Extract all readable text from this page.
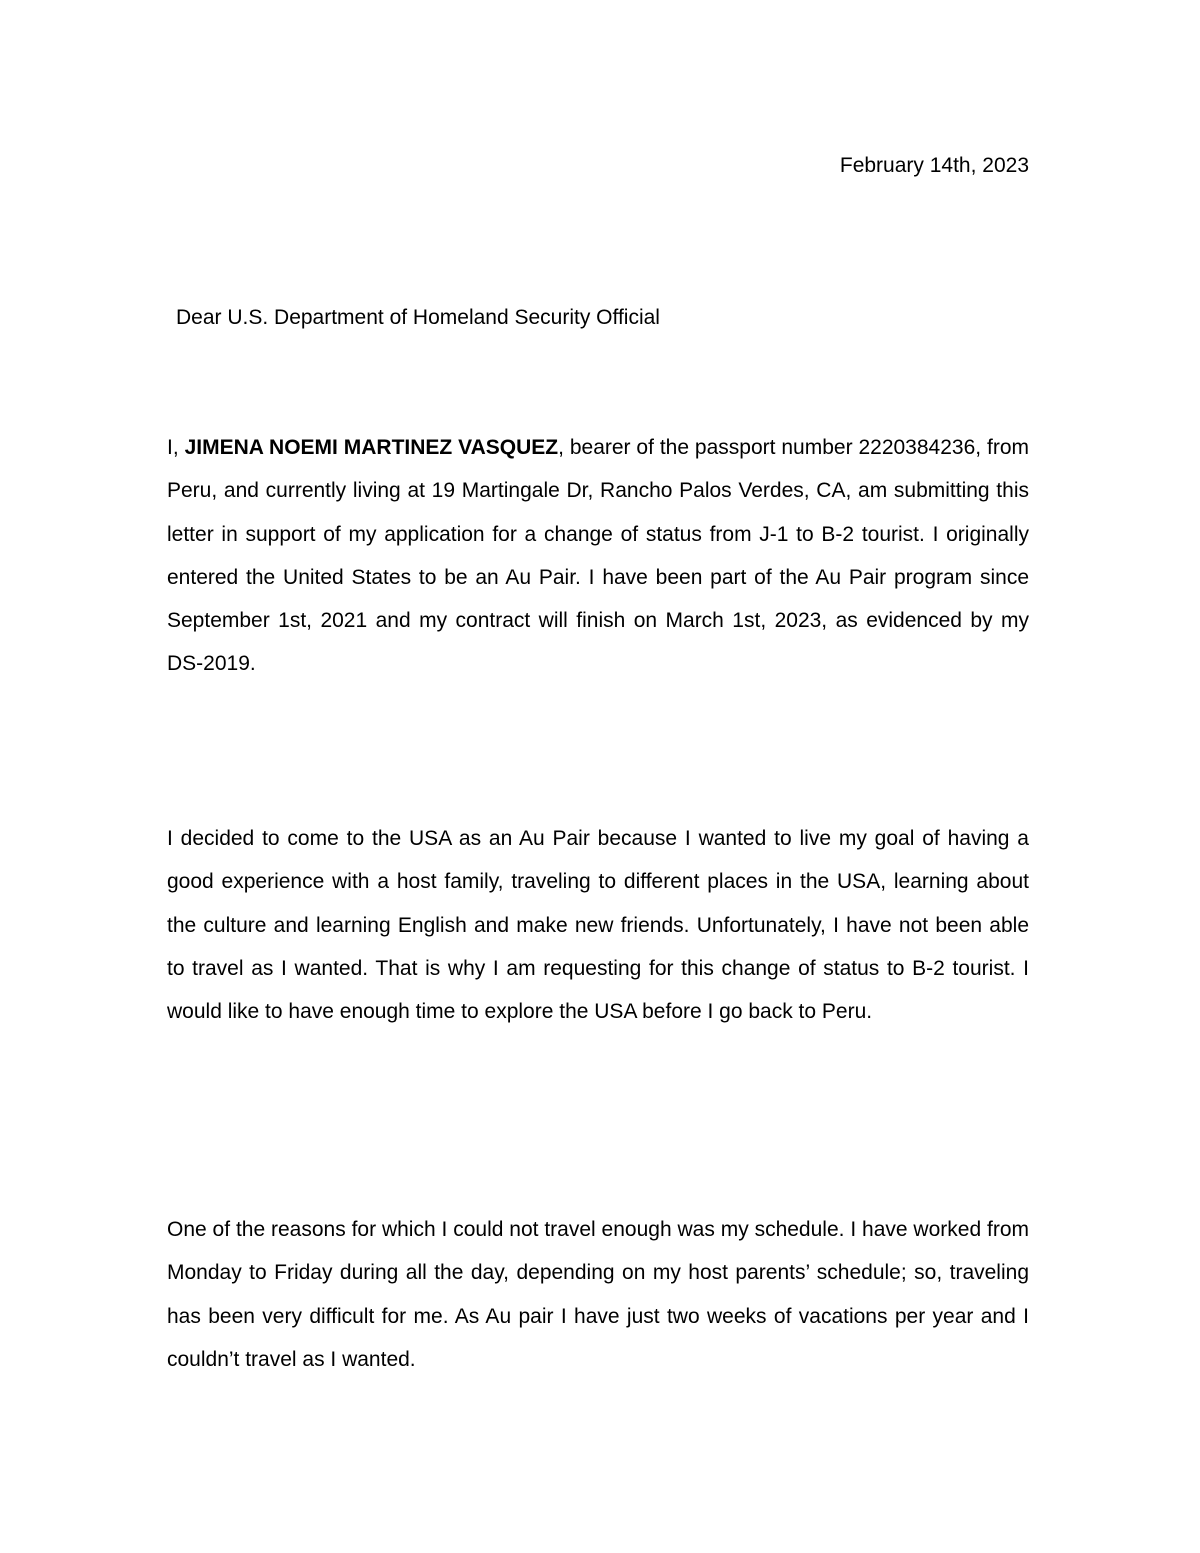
February 14th, 2023
Dear U.S. Department of Homeland Security Official

I, JIMENA NOEMI MARTINEZ VASQUEZ, bearer of the passport number 2220384236, from Peru, and currently living at 19 Martingale Dr, Rancho Palos Verdes, CA, am submitting this letter in support of my application for a change of status from J-1 to B-2 tourist. I originally entered the United States to be an Au Pair. I have been part of the Au Pair program since September 1st, 2021 and my contract will finish on March 1st, 2023, as evidenced by my DS-2019.

I decided to come to the USA as an Au Pair because I wanted to live my goal of having a good experience with a host family, traveling to different places in the USA, learning about the culture and learning English and make new friends. Unfortunately, I have not been able to travel as I wanted. That is why I am requesting for this change of status to B-2 tourist. I would like to have enough time to explore the USA before I go back to Peru.

One of the reasons for which I could not travel enough was my schedule. I have worked from Monday to Friday during all the day, depending on my host parents’ schedule; so, traveling has been very difficult for me. As Au pair I have just two weeks of vacations per year and I couldn’t travel as I wanted.
